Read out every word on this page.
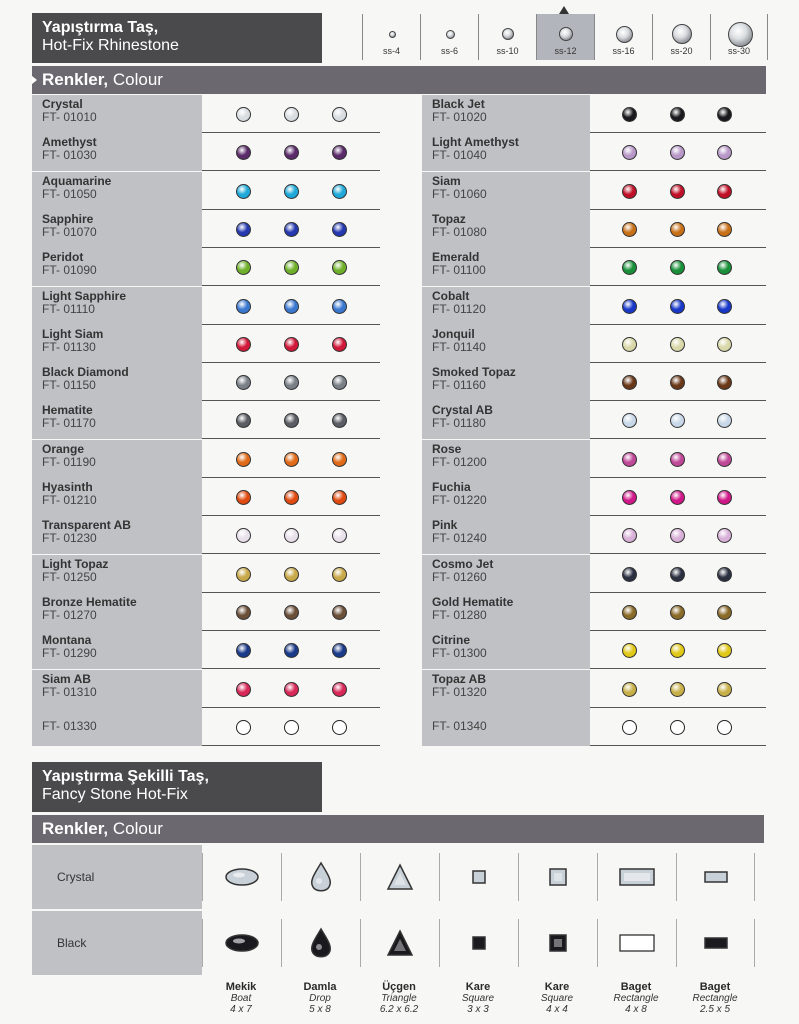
Yapıştırma Taş,
Hot-Fix Rhinestone	ss-4	ss-6	ss-10	ss-12	ss-16	ss-20	ss-30
Renkler, Colour
Crystal
FT- 01010
Amethyst
FT- 01030
Aquamarine
FT- 01050
Sapphire
FT- 01070
Peridot
FT- 01090
Light Sapphire
FT- 01110
Light Siam
FT- 01130
Black Diamond
FT- 01150
Hematite
FT- 01170
Orange
FT- 01190
Hyasinth
FT- 01210
Transparent AB
FT- 01230
Light Topaz
FT- 01250
Bronze Hematite
FT- 01270
Montana
FT- 01290
Siam AB
FT- 01310
FT- 01330
Black Jet
FT- 01020
Light Amethyst
FT- 01040
Siam
FT- 01060
Topaz
FT- 01080
Emerald
FT- 01100
Cobalt
FT- 01120
Jonquil
FT- 01140
Smoked Topaz
FT- 01160
Crystal AB
FT- 01180
Rose
FT- 01200
Fuchia
FT- 01220
Pink
FT- 01240
Cosmo Jet
FT- 01260
Gold Hematite
FT- 01280
Citrine
FT- 01300
Topaz AB
FT- 01320
FT- 01340
Yapıştırma Şekilli Taş,
Fancy Stone Hot-Fix
Renkler, Colour
Crystal
Black
Mekik
Boat
4 x 7
Damla
Drop
5 x 8
Üçgen
Triangle
6.2 x 6.2
Kare
Square
3 x 3
Kare
Square
4 x 4
Baget
Rectangle
4 x 8
Baget
Rectangle
2.5 x 5
